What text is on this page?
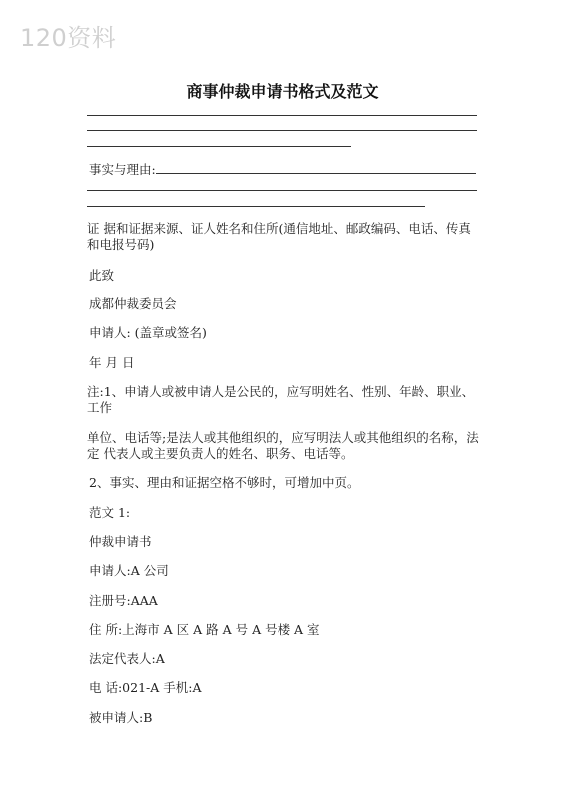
120资料
商事仲裁申请书格式及范文
事实与理由:
证 据和证据来源、证人姓名和住所(通信地址、邮政编码、电话、传真和电报号码)
此致
成都仲裁委员会
申请人: (盖章或签名)
年 月 日
注:1、申请人或被申请人是公民的，应写明姓名、性别、年龄、职业、工作
单位、电话等;是法人或其他组织的，应写明法人或其他组织的名称，法定 代表人或主要负责人的姓名、职务、电话等。
2、事实、理由和证据空格不够时，可增加中页。
范文 1:
仲裁申请书
申请人:A 公司
注册号:AAA
住 所:上海市 A 区 A 路 A 号 A 号楼 A 室
法定代表人:A
电 话:021-A 手机:A
被申请人:B
